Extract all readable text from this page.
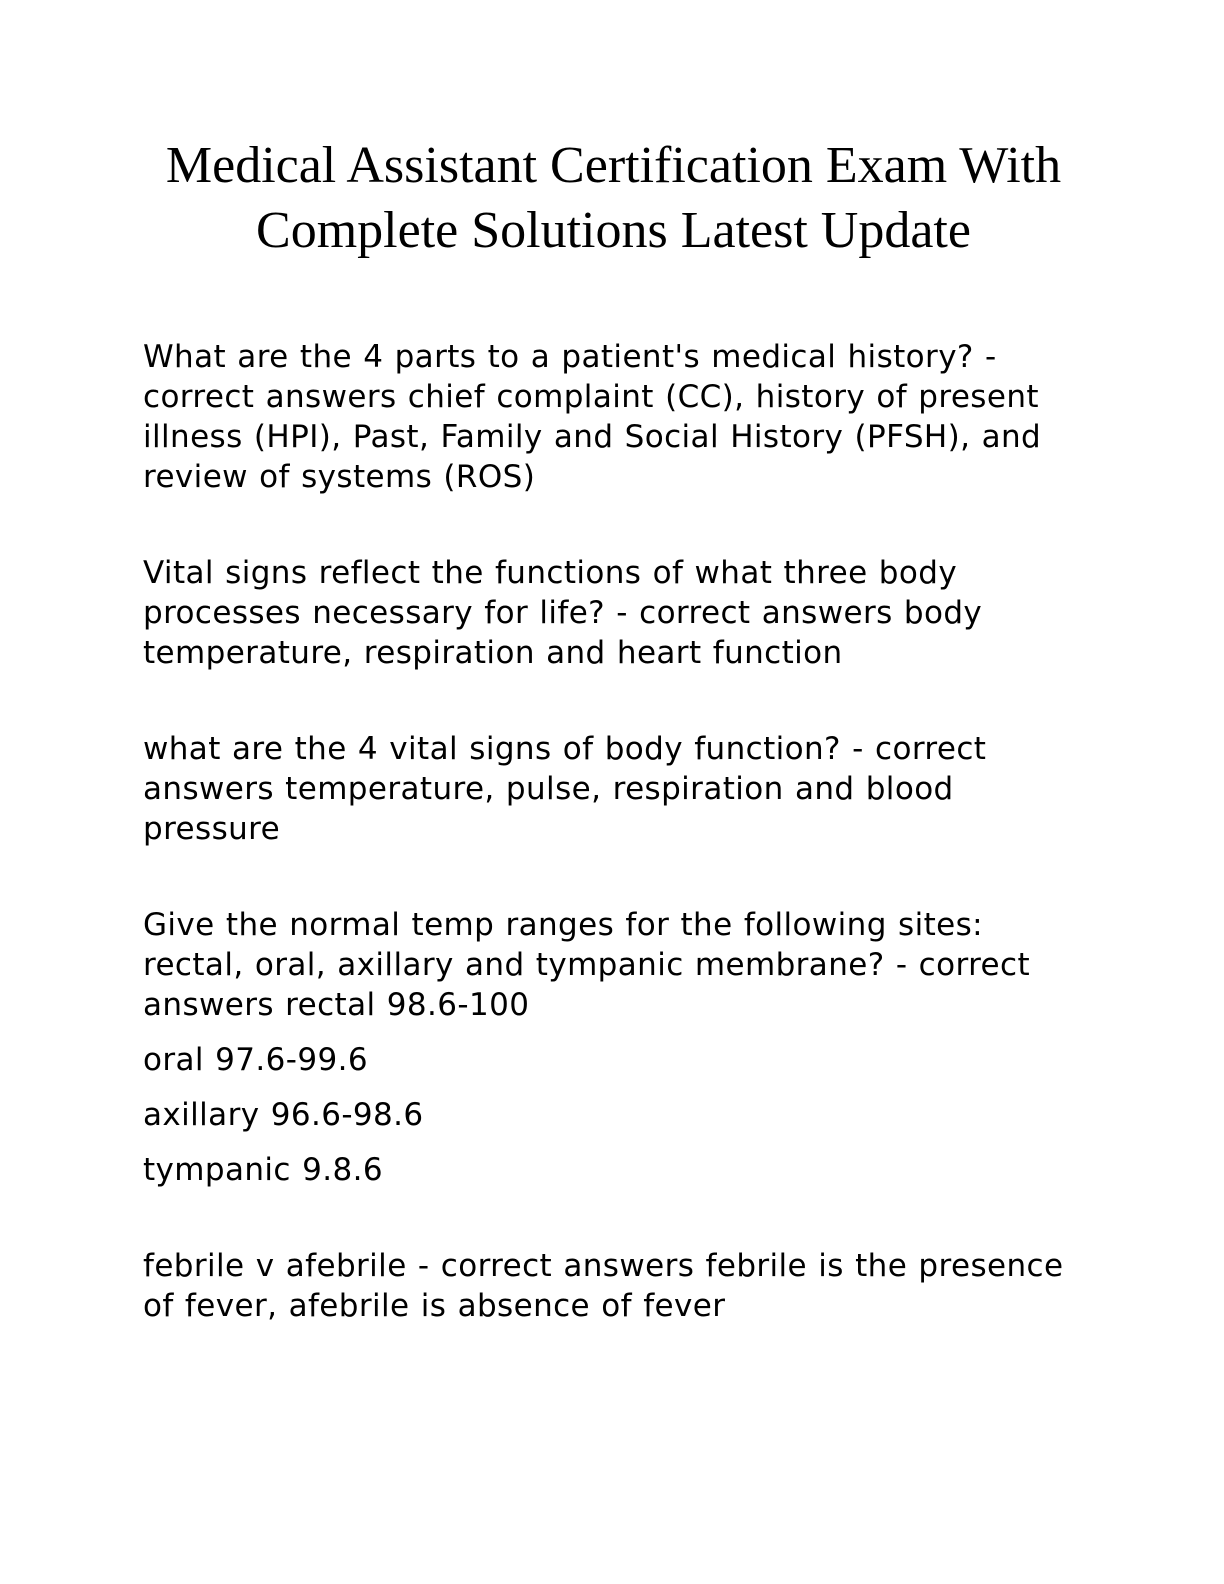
Medical Assistant Certification Exam With
Complete Solutions Latest Update

What are the 4 parts to a patient's medical history? - correct answers chief complaint (CC), history of present illness (HPI), Past, Family and Social History (PFSH), and review of systems (ROS)

Vital signs reflect the functions of what three body processes necessary for life? - correct answers body temperature, respiration and heart function

what are the 4 vital signs of body function? - correct answers temperature, pulse, respiration and blood pressure

Give the normal temp ranges for the following sites: rectal, oral, axillary and tympanic membrane? - correct answers rectal 98.6-100

oral 97.6-99.6

axillary 96.6-98.6

tympanic 9.8.6

febrile v afebrile - correct answers febrile is the presence of fever, afebrile is absence of fever
